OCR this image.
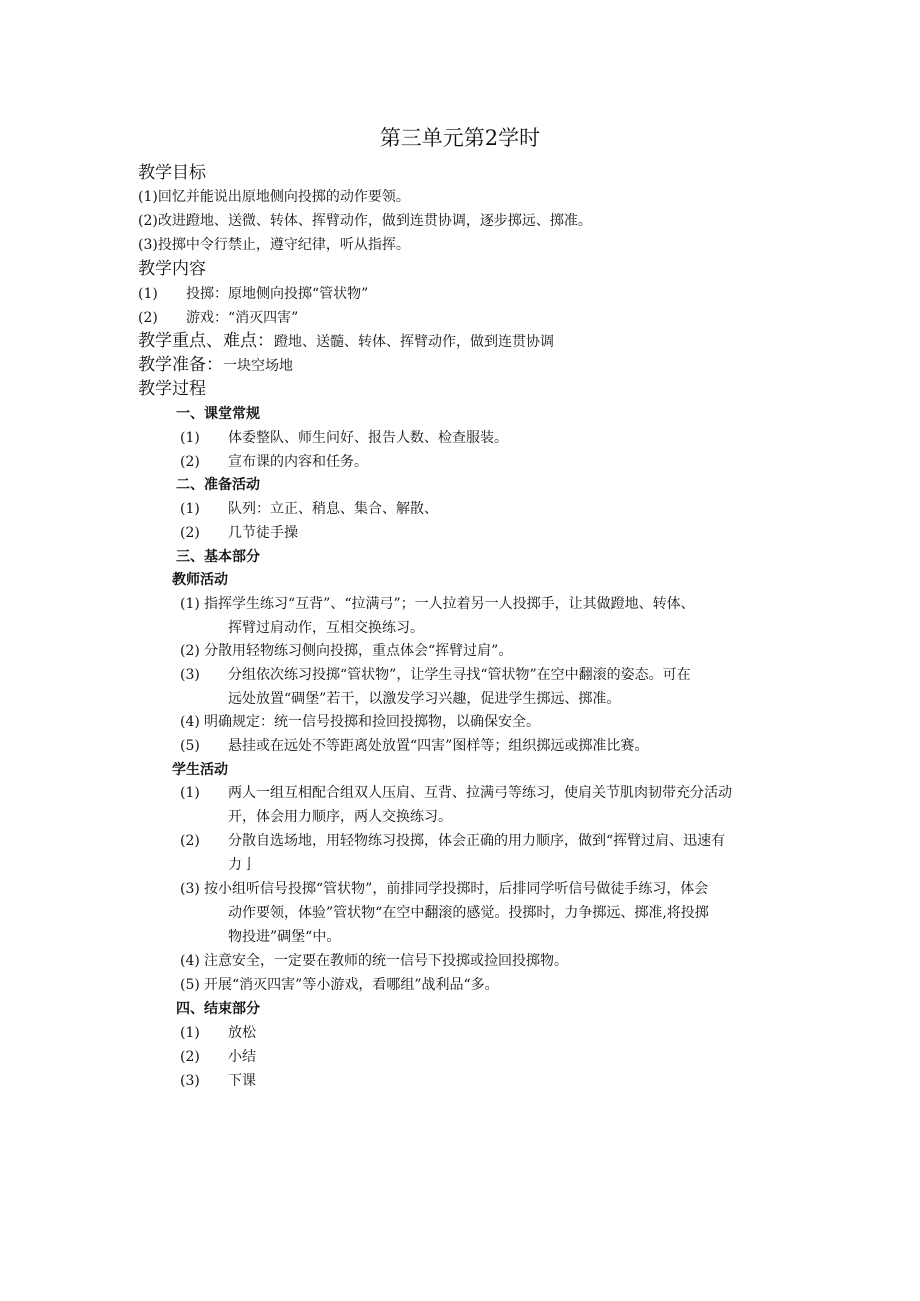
第三单元第2学时
教学目标
(1)回忆并能说出原地侧向投掷的动作要领。
(2)改进蹬地、送微、转体、挥臂动作，做到连贯协调，逐步掷远、掷准。
(3)投掷中令行禁止，遵守纪律，听从指挥。
教学内容
(1) 投掷：原地侧向投掷“管状物”
(2) 游戏：“消灭四害”
教学重点、难点：蹬地、送髓、转体、挥臂动作，做到连贯协调
教学准备：一块空场地
教学过程
一、课堂常规
(1) 体委整队、师生问好、报告人数、检查服装。
(2) 宣布课的内容和任务。
二、准备活动
(1) 队列：立正、稍息、集合、解散、
(2) 几节徒手操
三、基本部分
教师活动
(1) 指挥学生练习“互背”、“拉满弓”；一人拉着另一人投掷手，让其做蹬地、转体、
挥臂过肩动作，互相交换练习。
(2) 分散用轻物练习侧向投掷，重点体会“挥臂过肩”。
(3) 分组依次练习投掷“管状物”，让学生寻找“管状物”在空中翻滚的姿态。可在
远处放置“碉堡”若干，以激发学习兴趣，促进学生掷远、掷准。
(4) 明确规定：统一信号投掷和捡回投掷物，以确保安全。
(5) 悬挂或在远处不等距离处放置“四害”图样等；组织掷远或掷准比赛。
学生活动
(1) 两人一组互相配合组双人压肩、互背、拉满弓等练习，使肩关节肌肉韧带充分活动
开，体会用力顺序，两人交换练习。
(2) 分散自选场地，用轻物练习投掷，体会正确的用力顺序，做到“挥臂过肩、迅速有
力亅
(3) 按小组听信号投掷“管状物”，前排同学投掷时，后排同学听信号做徒手练习，体会
动作要领，体验”管状物“在空中翻滚的感觉。投掷时，力争掷远、掷准,将投掷
物投进”碉堡“中。
(4) 注意安全，一定要在教师的统一信号下投掷或捡回投掷物。
(5) 开展“消灭四害”等小游戏，看哪组”战利品“多。
四、结束部分
(1) 放松
(2) 小结
(3) 下课
